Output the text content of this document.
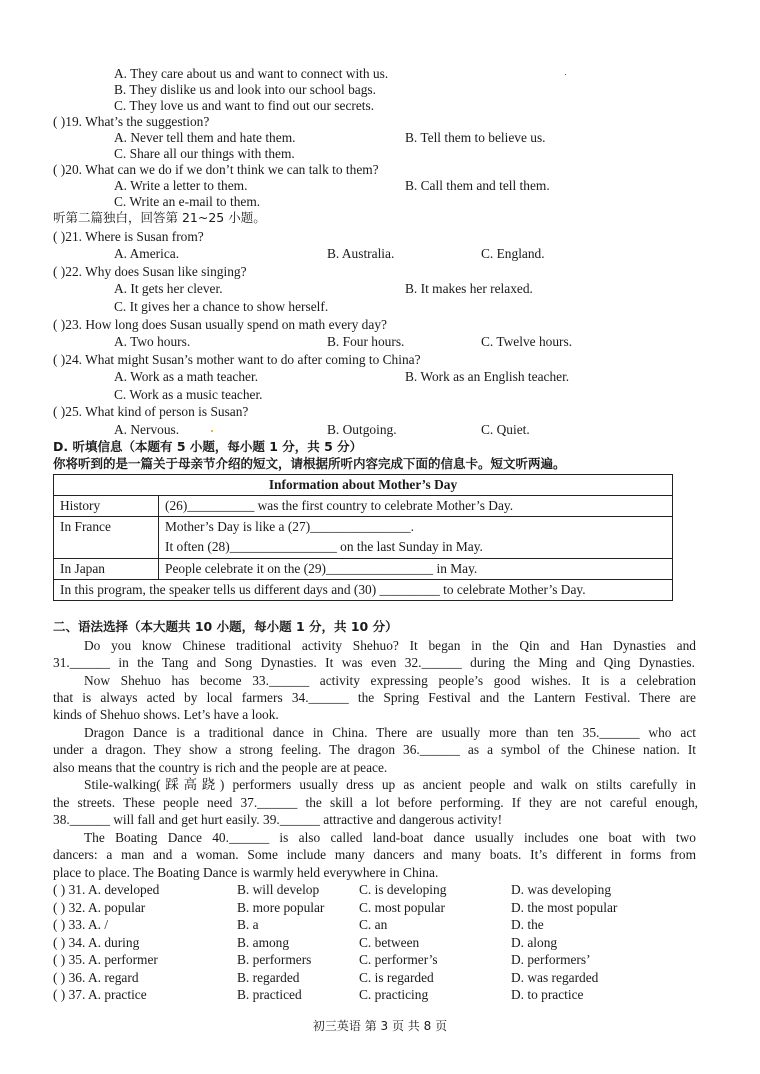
A. They care about us and want to connect with us.
B. They dislike us and look into our school bags.
C. They love us and want to find out our secrets.
( )19. What’s the suggestion?
A. Never tell them and hate them.	B. Tell them to believe us.
C. Share all our things with them.
( )20. What can we do if we don’t think we can talk to them?
A. Write a letter to them.	B. Call them and tell them.
C. Write an e-mail to them.
听第二篇独白，回答第 21~25 小题。
( )21. Where is Susan from?
A. America.	B. Australia.	C. England.
( )22. Why does Susan like singing?
A. It gets her clever.	B. It makes her relaxed.
C. It gives her a chance to show herself.
( )23. How long does Susan usually spend on math every day?
A. Two hours.	B. Four hours.	C. Twelve hours.
( )24. What might Susan’s mother want to do after coming to China?
A. Work as a math teacher.	B. Work as an English teacher.
C. Work as a music teacher.
( )25. What kind of person is Susan?
A. Nervous.	B. Outgoing.	C. Quiet.
D. 听填信息（本题有 5 小题，每小题 1 分，共 5 分）
你将听到的是一篇关于母亲节介绍的短文，请根据所听内容完成下面的信息卡。短文听两遍。
Information about Mother’s Day	
History	(26)__________ was the first country to celebrate Mother’s Day.
In France	Mother’s Day is like a (27)_______________.
It often (28)________________ on the last Sunday in May.

In Japan	People celebrate it on the (29)________________ in May.
In this program, the speaker tells us different days and (30) _________ to celebrate Mother’s Day.	
二、语法选择（本大题共 10 小题，每小题 1 分，共 10 分）
Do you know Chinese traditional activity Shehuo? It began in the Qin and Han Dynasties and
31.______ in the Tang and Song Dynasties. It was even 32.______ during the Ming and Qing Dynasties.
Now Shehuo has become 33.______ activity expressing people’s good wishes. It is a celebration
that is always acted by local farmers 34.______ the Spring Festival and the Lantern Festival. There are
kinds of Shehuo shows. Let’s have a look.
Dragon Dance is a traditional dance in China. There are usually more than ten 35.______ who act
under a dragon. They show a strong feeling. The dragon 36.______ as a symbol of the Chinese nation. It
also means that the country is rich and the people are at peace.
Stile-walking(踩高跷) performers usually dress up as ancient people and walk on stilts carefully in
the streets. These people need 37.______ the skill a lot before performing. If they are not careful enough,
38.______ will fall and get hurt easily. 39.______ attractive and dangerous activity!
The Boating Dance 40.______ is also called land-boat dance usually includes one boat with two
dancers: a man and a woman. Some include many dancers and many boats. It’s different in forms from
place to place. The Boating Dance is warmly held everywhere in China.
( ) 31. A. developed	B. will develop	C. is developing	D. was developing
( ) 32. A. popular	B. more popular	C. most popular	D. the most popular
( ) 33. A. /	B. a	C. an	D. the
( ) 34. A. during	B. among	C. between	D. along
( ) 35. A. performer	B. performers	C. performer’s	D. performers’
( ) 36. A. regard	B. regarded	C. is regarded	D. was regarded
( ) 37. A. practice	B. practiced	C. practicing	D. to practice
初三英语 第 3 页 共 8 页
